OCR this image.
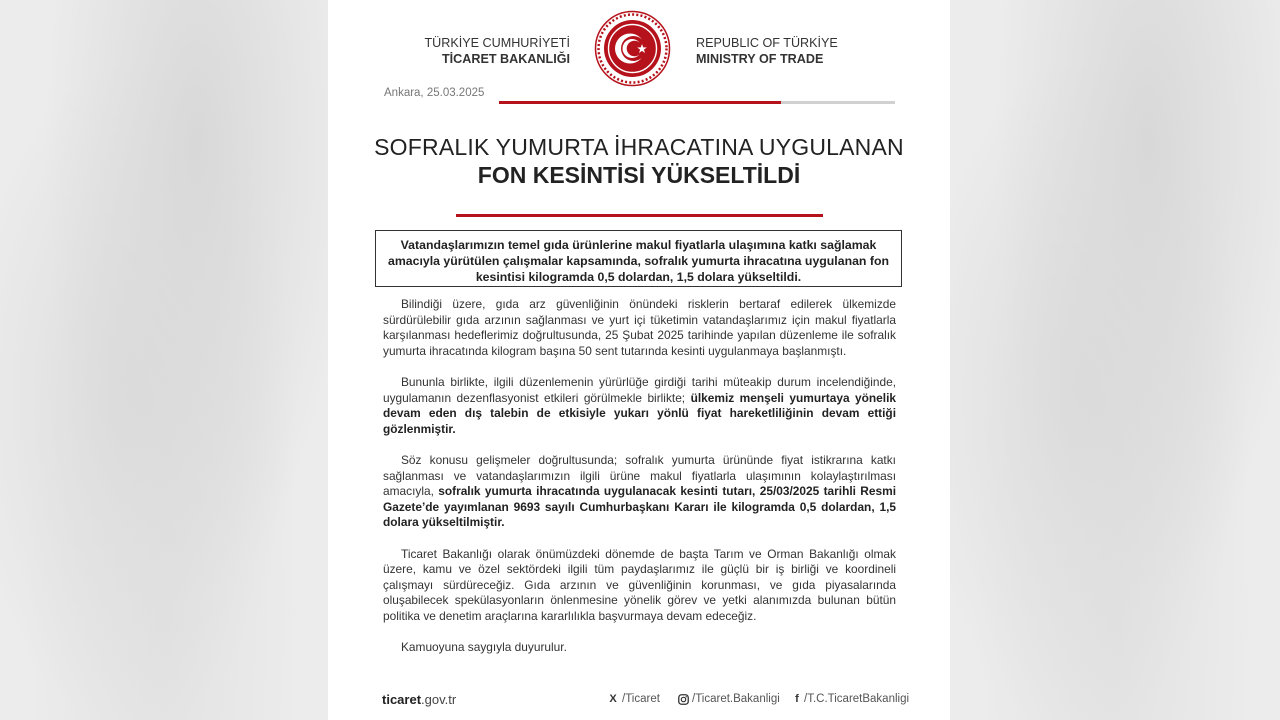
TÜRKİYE CUMHURİYETİ
TİCARET BAKANLIĞI
REPUBLIC OF TÜRKİYE
MINISTRY OF TRADE
Ankara, 25.03.2025
SOFRALIK YUMURTA İHRACATINA UYGULANAN
FON KESİNTİSİ YÜKSELTİLDİ
Vatandaşlarımızın temel gıda ürünlerine makul fiyatlarla ulaşımına katkı sağlamak amacıyla yürütülen çalışmalar kapsamında, sofralık yumurta ihracatına uygulanan fon kesintisi kilogramda 0,5 dolardan, 1,5 dolara yükseltildi.

Bilindiği üzere, gıda arz güvenliğinin önündeki risklerin bertaraf edilerek ülkemizde sürdürülebilir gıda arzının sağlanması ve yurt içi tüketimin vatandaşlarımız için makul fiyatlarla karşılanması hedeflerimiz doğrultusunda, 25 Şubat 2025 tarihinde yapılan düzenleme ile sofralık yumurta ihracatında kilogram başına 50 sent tutarında kesinti uygulanmaya başlanmıştı.

Bununla birlikte, ilgili düzenlemenin yürürlüğe girdiği tarihi müteakip durum incelendiğinde, uygulamanın dezenflasyonist etkileri görülmekle birlikte; ülkemiz menşeli yumurtaya yönelik devam eden dış talebin de etkisiyle yukarı yönlü fiyat hareketliliğinin devam ettiği gözlenmiştir.

Söz konusu gelişmeler doğrultusunda; sofralık yumurta ürününde fiyat istikrarına katkı sağlanması ve vatandaşlarımızın ilgili ürüne makul fiyatlarla ulaşımının kolaylaştırılması amacıyla, sofralık yumurta ihracatında uygulanacak kesinti tutarı, 25/03/2025 tarihli Resmi Gazete’de yayımlanan 9693 sayılı Cumhurbaşkanı Kararı ile kilogramda 0,5 dolardan, 1,5 dolara yükseltilmiştir.

Ticaret Bakanlığı olarak önümüzdeki dönemde de başta Tarım ve Orman Bakanlığı olmak üzere, kamu ve özel sektördeki ilgili tüm paydaşlarımız ile güçlü bir iş birliği ve koordineli çalışmayı sürdüreceğiz. Gıda arzının ve güvenliğinin korunması, ve gıda piyasalarında oluşabilecek spekülasyonların önlenmesine yönelik görev ve yetki alanımızda bulunan bütün politika ve denetim araçlarına kararlılıkla başvurmaya devam edeceğiz.

Kamuoyuna saygıyla duyurulur.

ticaret.gov.tr	X /Ticaret	/Ticaret.Bakanligi f /T.C.TicaretBakanligi
